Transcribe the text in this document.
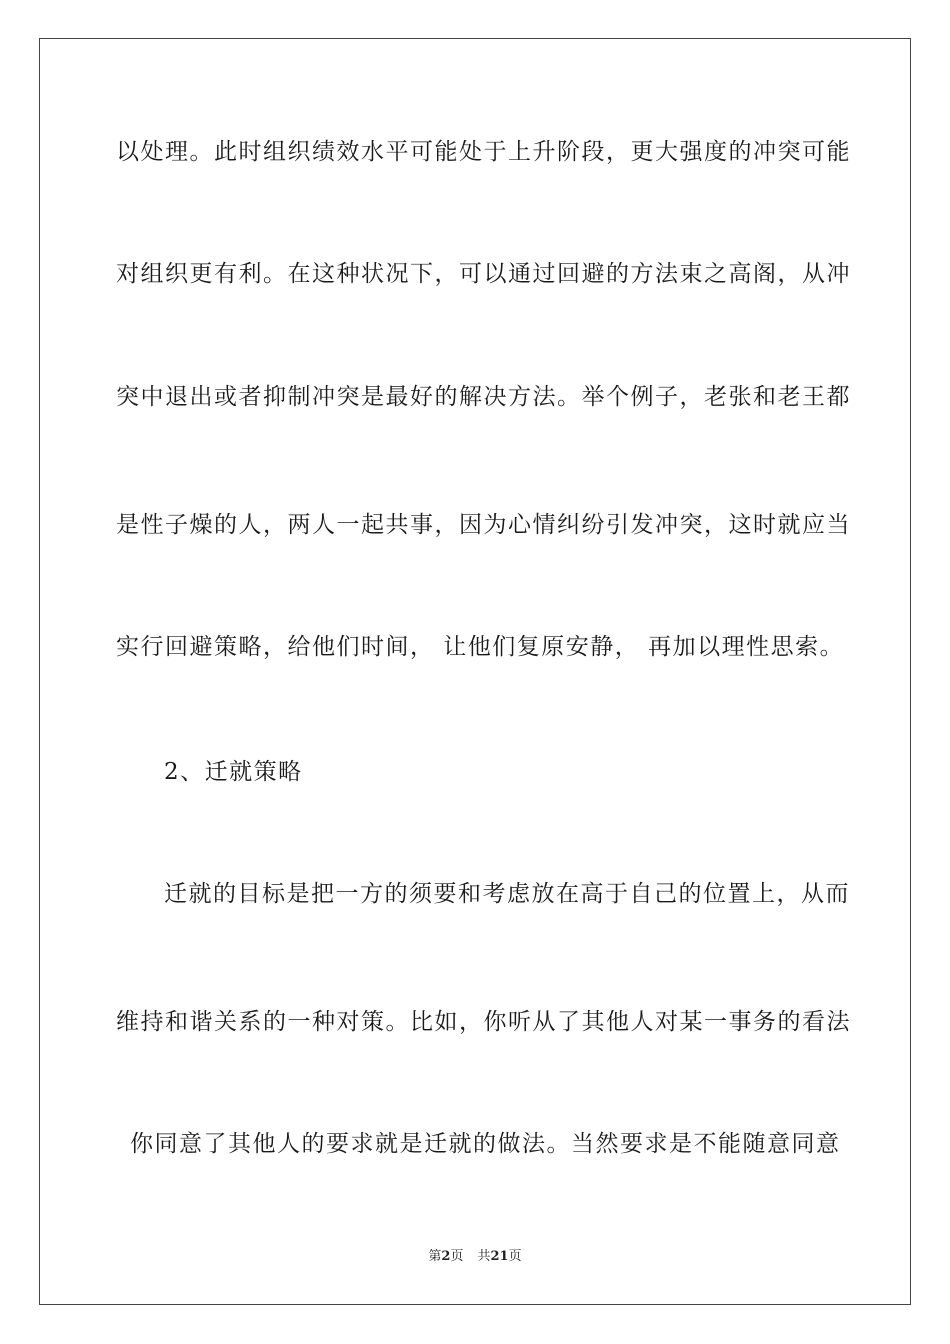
以处理。此时组织绩效水平可能处于上升阶段，更大强度的冲突可能
对组织更有利。在这种状况下，可以通过回避的方法束之高阁，从冲
突中退出或者抑制冲突是最好的解决方法。举个例子，老张和老王都
是性子燥的人，两人一起共事，因为心情纠纷引发冲突，这时就应当
实行回避策略，给他们时间， 让他们复原安静， 再加以理性思索。
2、迁就策略
迁就的目标是把一方的须要和考虑放在高于自己的位置上，从而
维持和谐关系的一种对策。比如，你听从了其他人对某一事务的看法
你同意了其他人的要求就是迁就的做法。当然要求是不能随意同意
第2页 共21页
